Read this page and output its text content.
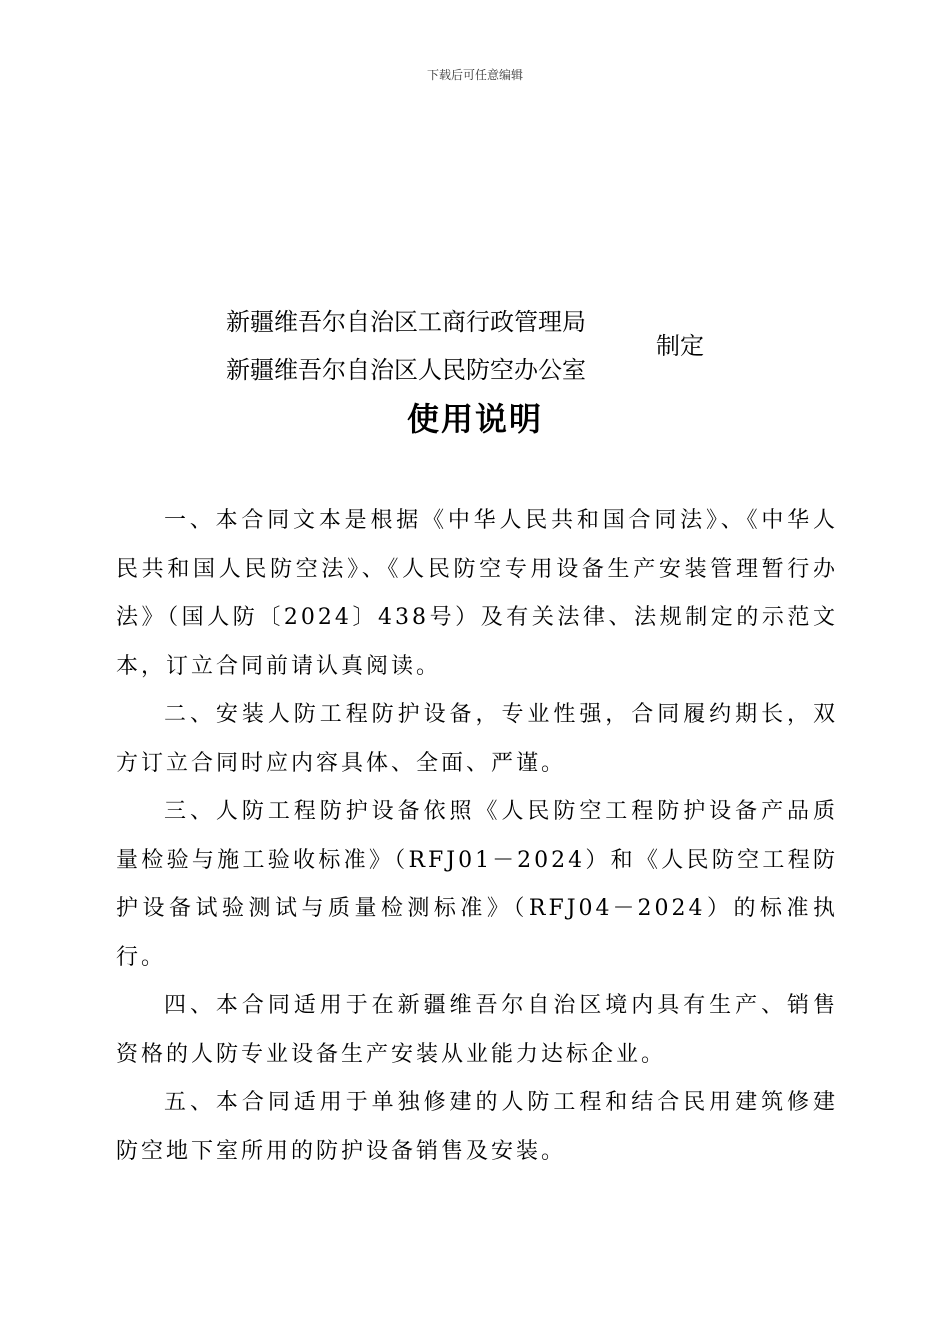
下载后可任意编辑
新疆维吾尔自治区工商行政管理局
新疆维吾尔自治区人民防空办公室
制定
使用说明

一、本合同文本是根据《中华人民共和国合同法》、《中华人民共和国人民防空法》、《人民防空专用设备生产安装管理暂行办法》（国人防〔2024〕438号）及有关法律、法规制定的示范文本，订立合同前请认真阅读。

二、安装人防工程防护设备，专业性强，合同履约期长，双方订立合同时应内容具体、全面、严谨。

三、人防工程防护设备依照《人民防空工程防护设备产品质量检验与施工验收标准》（RFJ01－2024）和《人民防空工程防护设备试验测试与质量检测标准》（RFJ04－2024）的标准执行。

四、本合同适用于在新疆维吾尔自治区境内具有生产、销售资格的人防专业设备生产安装从业能力达标企业。

五、本合同适用于单独修建的人防工程和结合民用建筑修建防空地下室所用的防护设备销售及安装。
